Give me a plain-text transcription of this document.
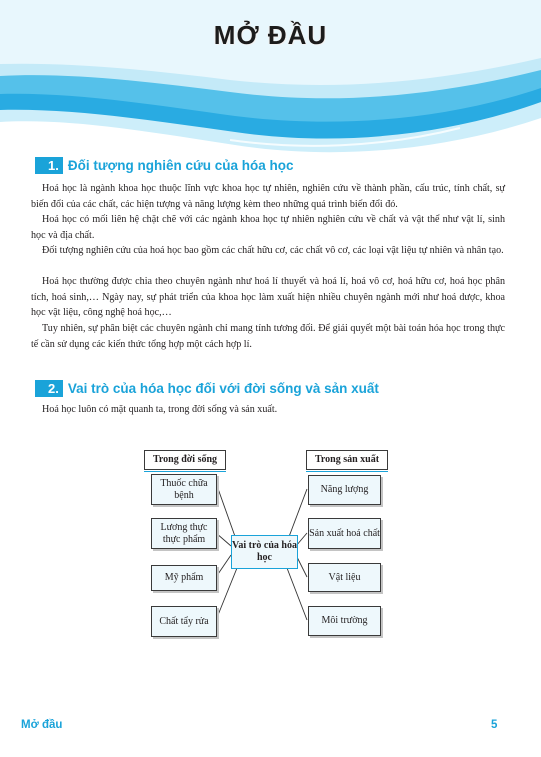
MỞ ĐẦU
1. Đối tượng nghiên cứu của hóa học

Hoá học là ngành khoa học thuộc lĩnh vực khoa học tự nhiên, nghiên cứu về thành phần, cấu trúc, tính chất, sự biến đổi của các chất, các hiện tượng và năng lượng kèm theo những quá trình biến đổi đó.

Hoá học có mối liên hệ chặt chẽ với các ngành khoa học tự nhiên nghiên cứu về chất và vật thể như vật lí, sinh học và địa chất.

Đối tượng nghiên cứu của hoá học bao gồm các chất hữu cơ, các chất vô cơ, các loại vật liệu tự nhiên và nhân tạo.

Hoá học thường được chia theo chuyên ngành như hoá lí thuyết và hoá lí, hoá vô cơ, hoá hữu cơ, hoá học phân tích, hoá sinh,… Ngày nay, sự phát triển của khoa học làm xuất hiện nhiều chuyên ngành mới như hoá dược, khoa học vật liệu, công nghệ hoá học,…

Tuy nhiên, sự phân biệt các chuyên ngành chỉ mang tính tương đối. Để giải quyết một bài toán hóa học trong thực tế cần sử dụng các kiến thức tổng hợp một cách hợp lí.

2. Vai trò của hóa học đối với đời sống và sản xuất

Hoá học luôn có mặt quanh ta, trong đời sống và sản xuất.

Trong đời sống	Trong sản xuất
Thuốc chữa bệnh
Lương thực thực phẩm
Mỹ phẩm
Chất tẩy rửa
Vai trò của hóa học
Năng lượng
Sản xuất hoá chất
Vật liệu
Môi trường
Mở đầu	5
